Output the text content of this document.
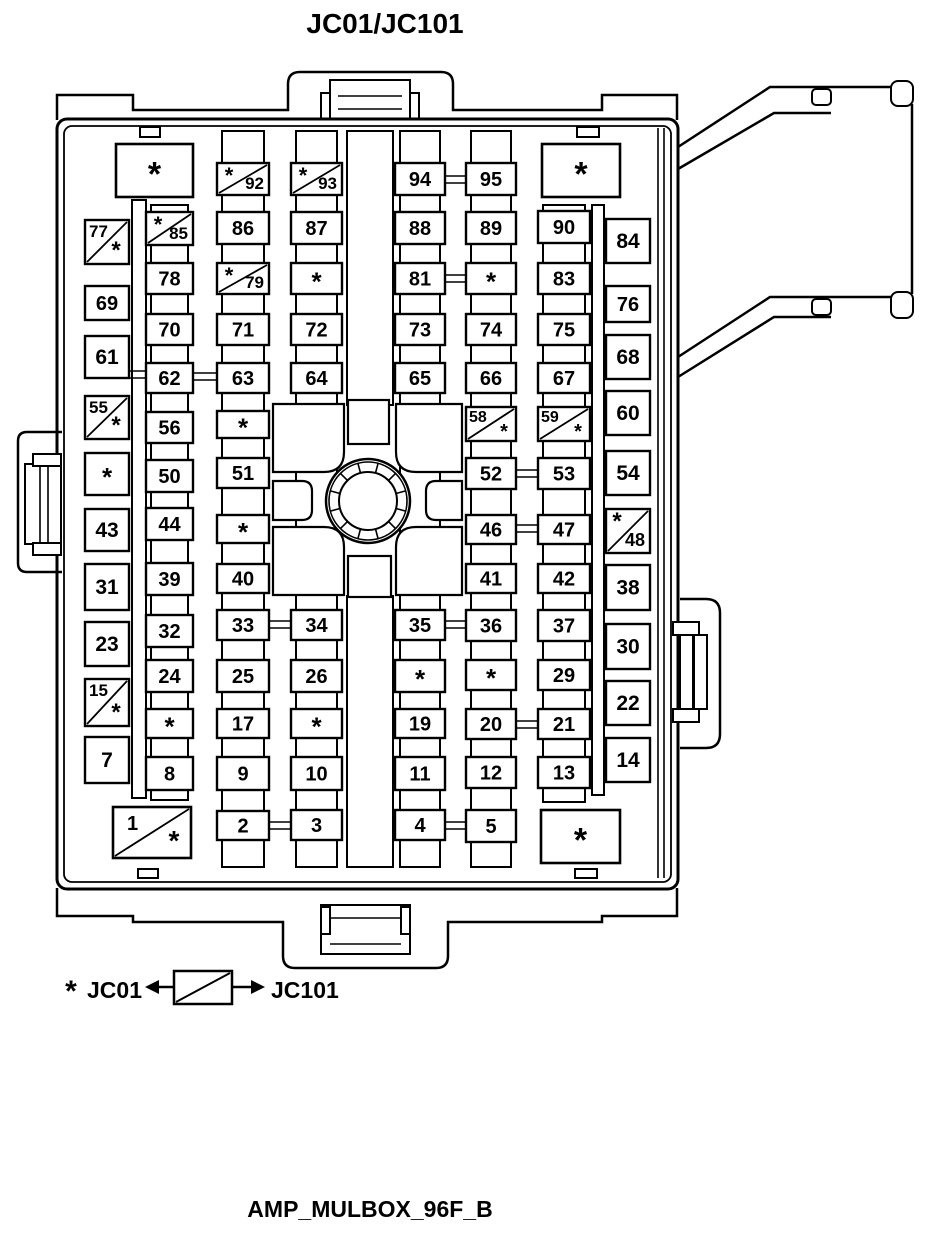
JC01/JC101
*	*
1
*	*
77
*
69
61
55
*
*
43
31
23
15
*
7
* 85
78
70
62
56
50
44
39
32
24
*
8
* 92
86
* 79
71
63
*
51
*
40
33
25
17
9
2
* 93
87
*
72
64
34
26
*
10
3
94
88
81
73
65
35
*
19
11
4
95
89
*
74
66
58
*
52
46
41
36
*
20
12
5
90
83
75
67
59
*
53
47
42
37
29
21
13
84
76
68
60
54
*
48
38
30
22
14
* JC01	JC101
AMP_MULBOX_96F_B
